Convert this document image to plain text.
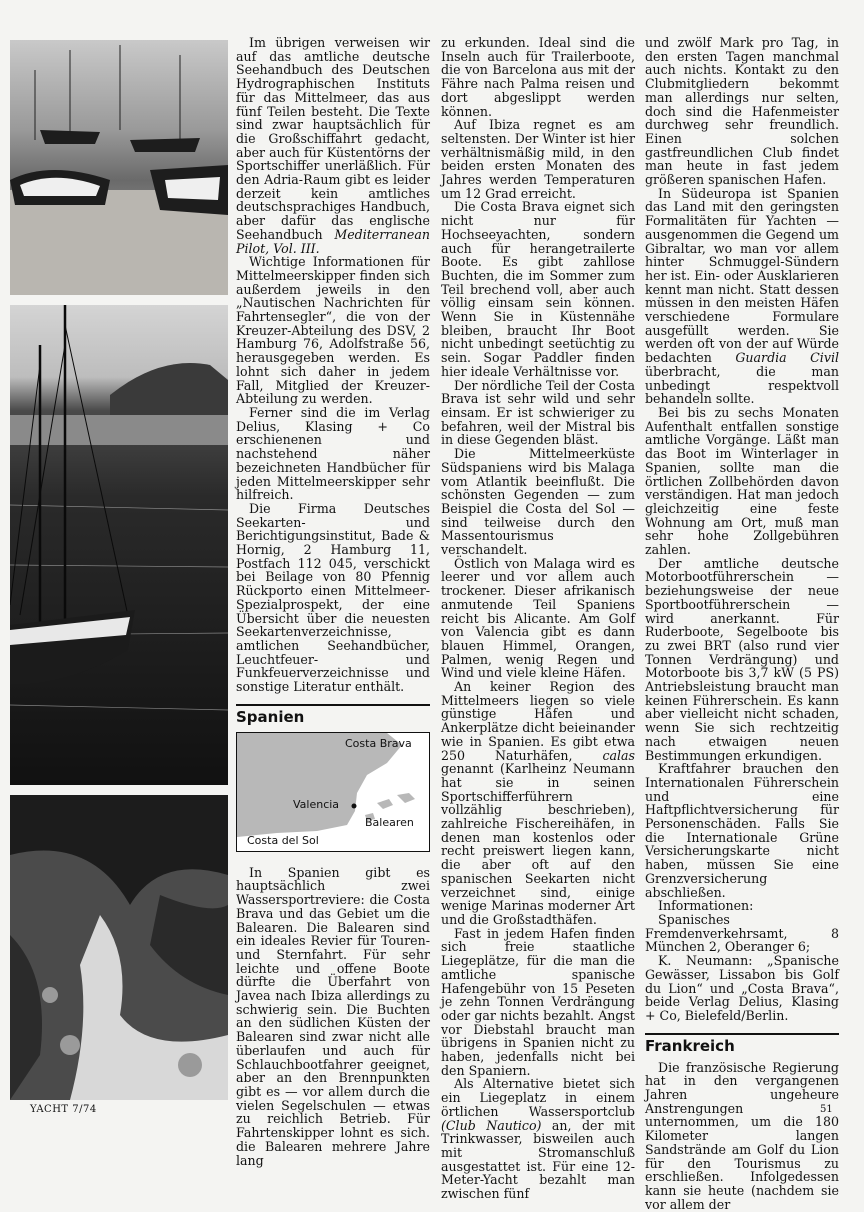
Im übrigen verweisen wir auf das amtliche deutsche Seehandbuch des Deutschen Hydrographischen Instituts für das Mittelmeer, das aus fünf Teilen besteht. Die Texte sind zwar hauptsächlich für die Großschiffahrt gedacht, aber auch für Küstentörns der Sportschiffer unerläßlich. Für den Adria-Raum gibt es leider derzeit kein amtliches deutschsprachiges Handbuch, aber dafür das englische Seehandbuch Mediterranean Pilot, Vol. III.

Wichtige Informationen für Mittelmeerskipper finden sich außerdem jeweils in den „Nautischen Nachrichten für Fahrtensegler“, die von der Kreuzer-Abteilung des DSV, 2 Hamburg 76, Adolfstraße 56, herausgegeben werden. Es lohnt sich daher in jedem Fall, Mitglied der Kreuzer-Abteilung zu werden.

Ferner sind die im Verlag Delius, Klasing + Co erschienenen und nachstehend näher bezeichneten Handbücher für jeden Mittelmeerskipper sehr hilfreich.

Die Firma Deutsches Seekarten- und Berichtigungsinstitut, Bade & Hornig, 2 Hamburg 11, Postfach 112 045, verschickt bei Beilage von 80 Pfennig Rückporto einen Mittelmeer-Spezialprospekt, der eine Übersicht über die neuesten Seekartenverzeichnisse, amtlichen Seehandbücher, Leuchtfeuer- und Funkfeuerverzeichnisse und sonstige Literatur enthält.

Spanien
Costa Brava
Valencia
Balearen
Costa del Sol

In Spanien gibt es hauptsächlich zwei Wassersportreviere: die Costa Brava und das Gebiet um die Balearen. Die Balearen sind ein ideales Revier für Touren- und Sternfahrt. Für sehr leichte und offene Boote dürfte die Überfahrt von Javea nach Ibiza allerdings zu schwierig sein. Die Buchten an den südlichen Küsten der Balearen sind zwar nicht alle überlaufen und auch für Schlauchbootfahrer geeignet, aber an den Brennpunkten gibt es — vor allem durch die vielen Segelschulen — etwas zu reichlich Betrieb. Für Fahrtenskipper lohnt es sich. die Balearen mehrere Jahre lang

zu erkunden. Ideal sind die Inseln auch für Trailerboote, die von Barcelona aus mit der Fähre nach Palma reisen und dort abgeslippt werden können.

Auf Ibiza regnet es am seltensten. Der Winter ist hier verhältnismäßig mild, in den beiden ersten Monaten des Jahres werden Temperaturen um 12 Grad erreicht.

Die Costa Brava eignet sich nicht nur für Hochseeyachten, sondern auch für herangetrailerte Boote. Es gibt zahllose Buchten, die im Sommer zum Teil brechend voll, aber auch völlig einsam sein können. Wenn Sie in Küstennähe bleiben, braucht Ihr Boot nicht unbedingt seetüchtig zu sein. Sogar Paddler finden hier ideale Verhältnisse vor.

Der nördliche Teil der Costa Brava ist sehr wild und sehr einsam. Er ist schwieriger zu befahren, weil der Mistral bis in diese Gegenden bläst.

Die Mittelmeerküste Südspaniens wird bis Malaga vom Atlantik beeinflußt. Die schönsten Gegenden — zum Beispiel die Costa del Sol — sind teilweise durch den Massentourismus verschandelt.

Östlich von Malaga wird es leerer und vor allem auch trockener. Dieser afrikanisch anmutende Teil Spaniens reicht bis Alicante. Am Golf von Valencia gibt es dann blauen Himmel, Orangen, Palmen, wenig Regen und Wind und viele kleine Häfen.

An keiner Region des Mittelmeers liegen so viele günstige Häfen und Ankerplätze dicht beieinander wie in Spanien. Es gibt etwa 250 Naturhäfen, calas genannt (Karlheinz Neumann hat sie in seinen Sportschifferführern vollzählig beschrieben), zahlreiche Fischereihäfen, in denen man kostenlos oder recht preiswert liegen kann, die aber oft auf den spanischen Seekarten nicht verzeichnet sind, einige wenige Marinas moderner Art und die Großstadthäfen.

Fast in jedem Hafen finden sich freie staatliche Liegeplätze, für die man die amtliche spanische Hafengebühr von 15 Peseten je zehn Tonnen Verdrängung oder gar nichts bezahlt. Angst vor Diebstahl braucht man übrigens in Spanien nicht zu haben, jedenfalls nicht bei den Spaniern.

Als Alternative bietet sich ein Liegeplatz in einem örtlichen Wassersportclub (Club Nautico) an, der mit Trinkwasser, bisweilen auch mit Stromanschluß ausgestattet ist. Für eine 12-Meter-Yacht bezahlt man zwischen fünf

und zwölf Mark pro Tag, in den ersten Tagen manchmal auch nichts. Kontakt zu den Clubmitgliedern bekommt man allerdings nur selten, doch sind die Hafenmeister durchweg sehr freundlich. Einen solchen gastfreundlichen Club findet man heute in fast jedem größeren spanischen Hafen.

In Südeuropa ist Spanien das Land mit den geringsten Formalitäten für Yachten — ausgenommen die Gegend um Gibraltar, wo man vor allem hinter Schmuggel-Sündern her ist. Ein- oder Ausklarieren kennt man nicht. Statt dessen müssen in den meisten Häfen verschiedene Formulare ausgefüllt werden. Sie werden oft von der auf Würde bedachten Guardia Civil überbracht, die man unbedingt respektvoll behandeln sollte.

Bei bis zu sechs Monaten Aufenthalt entfallen sonstige amtliche Vorgänge. Läßt man das Boot im Winterlager in Spanien, sollte man die örtlichen Zollbehörden davon verständigen. Hat man jedoch gleichzeitig eine feste Wohnung am Ort, muß man sehr hohe Zollgebühren zahlen.

Der amtliche deutsche Motorbootführerschein — beziehungsweise der neue Sportbootführerschein — wird anerkannt. Für Ruderboote, Segelboote bis zu zwei BRT (also rund vier Tonnen Verdrängung) und Motorboote bis 3,7 kW (5 PS) Antriebsleistung braucht man keinen Führerschein. Es kann aber vielleicht nicht schaden, wenn Sie sich rechtzeitig nach etwaigen neuen Bestimmungen erkundigen.

Kraftfahrer brauchen den Internationalen Führerschein und eine Haftpflichtversicherung für Personenschäden. Falls Sie die Internationale Grüne Versicherungskarte nicht haben, müssen Sie eine Grenzversicherung abschließen.

Informationen:

Spanisches Fremdenverkehrsamt, 8 München 2, Oberanger 6;

K. Neumann: „Spanische Gewässer, Lissabon bis Golf du Lion“ und „Costa Brava“, beide Verlag Delius, Klasing + Co, Bielefeld/Berlin.

Frankreich

Die französische Regierung hat in den vergangenen Jahren ungeheure Anstrengungen unternommen, um die 180 Kilometer langen Sandstrände am Golf du Lion für den Tourismus zu erschließen. Infolgedessen kann sie heute (nachdem sie vor allem der

YACHT 7/74	51
